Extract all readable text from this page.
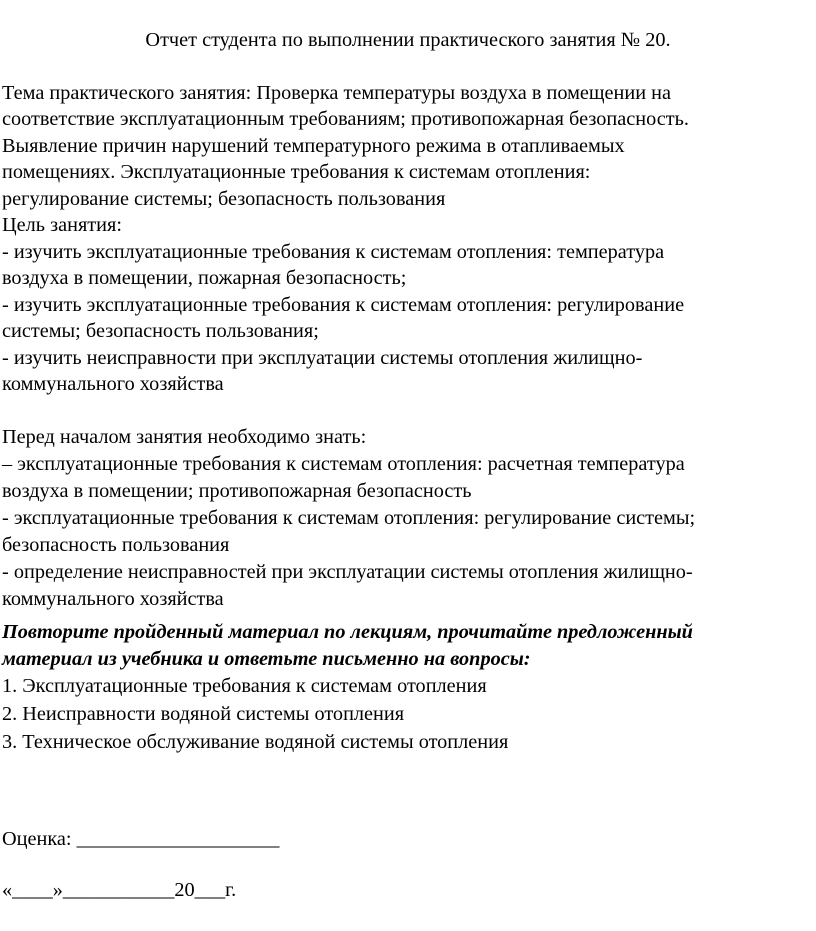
Отчет студента по выполнении практического занятия № 20.
Тема практического занятия: Проверка температуры воздуха в помещении на
соответствие эксплуатационным требованиям; противопожарная безопасность.
Выявление причин нарушений температурного режима в отапливаемых
помещениях. Эксплуатационные требования к системам отопления:
регулирование системы; безопасность пользования
Цель занятия:
- изучить эксплуатационные требования к системам отопления: температура
воздуха в помещении, пожарная безопасность;
- изучить эксплуатационные требования к системам отопления: регулирование
системы; безопасность пользования;
- изучить неисправности при эксплуатации системы отопления жилищно-
коммунального хозяйства
Перед началом занятия необходимо знать:
– эксплуатационные требования к системам отопления: расчетная температура
воздуха в помещении; противопожарная безопасность
- эксплуатационные требования к системам отопления: регулирование системы;
безопасность пользования
- определение неисправностей при эксплуатации системы отопления жилищно-
коммунального хозяйства
Повторите пройденный материал по лекциям, прочитайте предложенный
материал из учебника и ответьте письменно на вопросы:
1. Эксплуатационные требования к системам отопления
2. Неисправности водяной системы отопления
3. Техническое обслуживание водяной системы отопления
Оценка: ____________________
«____»___________20___г.
